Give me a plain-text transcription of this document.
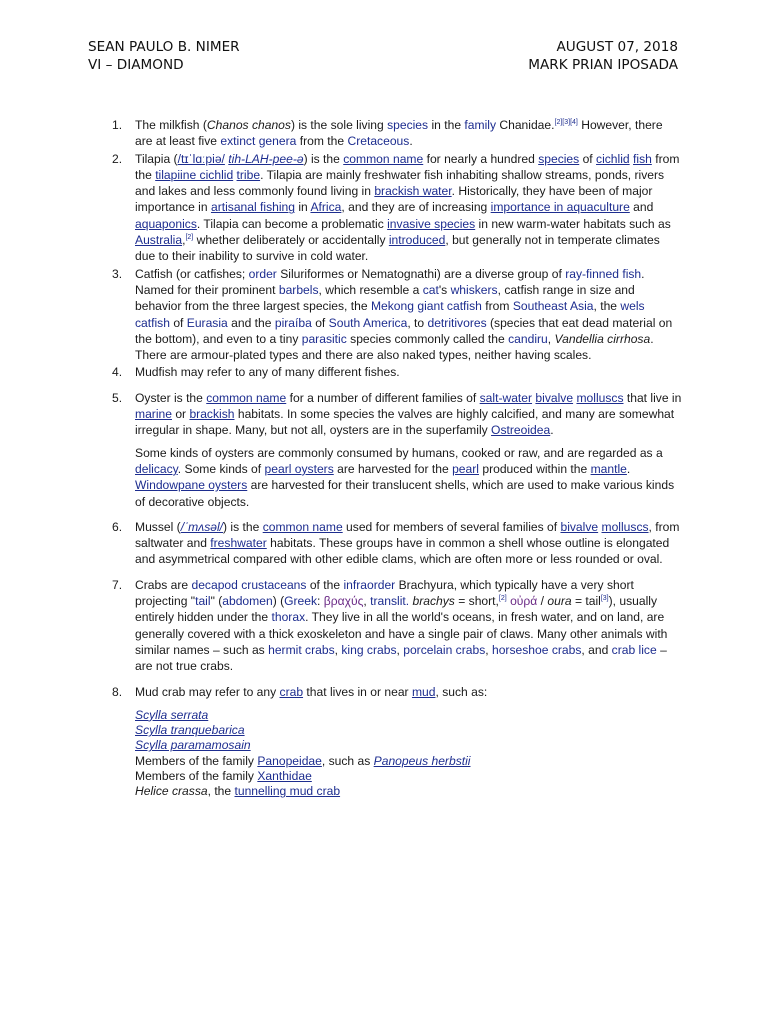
SEAN PAULO B. NIMER	AUGUST 07, 2018
VI – DIAMOND	MARK PRIAN IPOSADA
1. The milkfish (Chanos chanos) is the sole living species in the family Chanidae.[2][3][4] However, there are at least five extinct genera from the Cretaceous.

2. Tilapia (/tɪˈlɑːpiə/ tih-LAH-pee-ə) is the common name for nearly a hundred species of cichlid fish from the tilapiine cichlid tribe. Tilapia are mainly freshwater fish inhabiting shallow streams, ponds, rivers and lakes and less commonly found living in brackish water. Historically, they have been of major importance in artisanal fishing in Africa, and they are of increasing importance in aquaculture and aquaponics. Tilapia can become a problematic invasive species in new warm-water habitats such as Australia,[2] whether deliberately or accidentally introduced, but generally not in temperate climates due to their inability to survive in cold water.

3. Catfish (or catfishes; order Siluriformes or Nematognathi) are a diverse group of ray-finned fish. Named for their prominent barbels, which resemble a cat's whiskers, catfish range in size and behavior from the three largest species, the Mekong giant catfish from Southeast Asia, the wels catfish of Eurasia and the piraíba of South America, to detritivores (species that eat dead material on the bottom), and even to a tiny parasitic species commonly called the candiru, Vandellia cirrhosa. There are armour-plated types and there are also naked types, neither having scales.

4. Mudfish may refer to any of many different fishes.

5. Oyster is the common name for a number of different families of salt-water bivalve molluscs that live in marine or brackish habitats. In some species the valves are highly calcified, and many are somewhat irregular in shape. Many, but not all, oysters are in the superfamily Ostreoidea.

Some kinds of oysters are commonly consumed by humans, cooked or raw, and are regarded as a delicacy. Some kinds of pearl oysters are harvested for the pearl produced within the mantle. Windowpane oysters are harvested for their translucent shells, which are used to make various kinds of decorative objects.

6. Mussel (/ˈmʌsəl/) is the common name used for members of several families of bivalve molluscs, from saltwater and freshwater habitats. These groups have in common a shell whose outline is elongated and asymmetrical compared with other edible clams, which are often more or less rounded or oval.

7. Crabs are decapod crustaceans of the infraorder Brachyura, which typically have a very short projecting "tail" (abdomen) (Greek: βραχύς, translit. brachys = short,[2] οὐρά / oura = tail[3]), usually entirely hidden under the thorax. They live in all the world's oceans, in fresh water, and on land, are generally covered with a thick exoskeleton and have a single pair of claws. Many other animals with similar names – such as hermit crabs, king crabs, porcelain crabs, horseshoe crabs, and crab lice – are not true crabs.

8. Mud crab may refer to any crab that lives in or near mud, such as:

Scylla serrata
Scylla tranquebarica
Scylla paramamosain
Members of the family Panopeidae, such as Panopeus herbstii
Members of the family Xanthidae
Helice crassa, the tunnelling mud crab
